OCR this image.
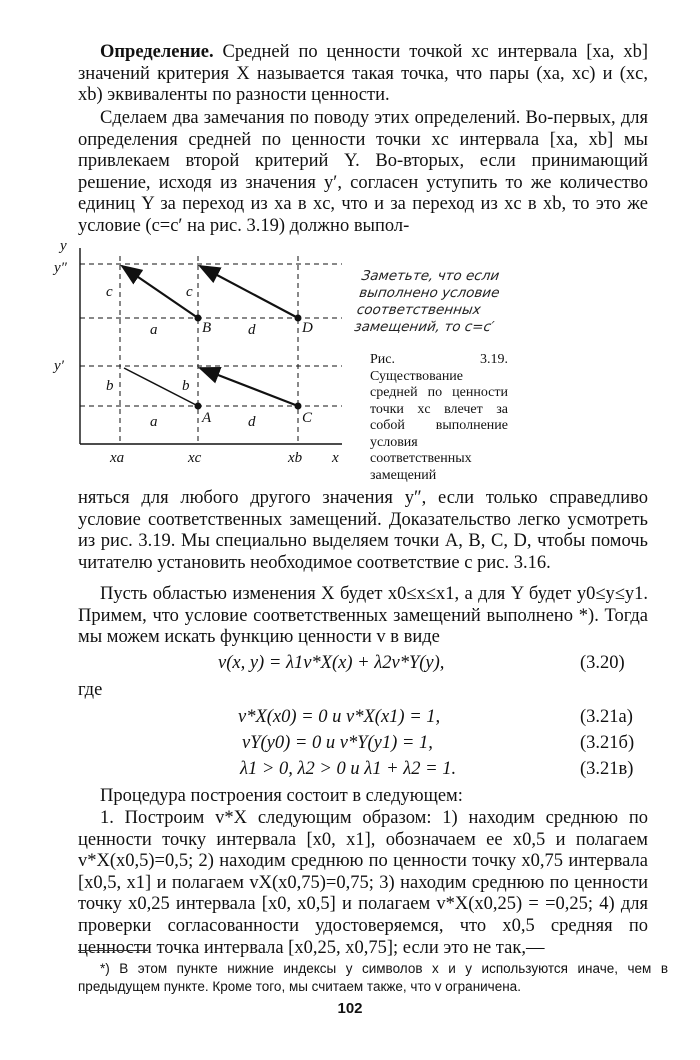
Определение. Средней по ценности точкой xc интервала [xa, xb] значений критерия X называется такая точка, что пары (xa, xc) и (xc, xb) эквиваленты по разности ценности.

Сделаем два замечания по поводу этих определений. Во-первых, для определения средней по ценности точки xc интервала [xa, xb] мы привлекаем второй критерий Y. Во-вторых, если принимающий решение, исходя из значения y′, согласен уступить то же количество единиц Y за переход из xa в xc, что и за переход из xc в xb, то это же условие (c=c′ на рис. 3.19) должно выпол-

y
x
y″
y′
c	c
a	d
B	D
b	b
a	d
A	C
xa	xc	xb
Заметьте, что если
выполнено условие
соответственных
замещений, то c=c′
Рис. 3.19. Существование средней по ценности точки xc влечет за собой выполнение условия соответственных замещений

няться для любого другого значения y″, если только справедливо условие соответственных замещений. Доказательство легко усмотреть из рис. 3.19. Мы специально выделяем точки A, B, C, D, чтобы помочь читателю установить необходимое соответствие с рис. 3.16.

Пусть областью изменения X будет x0≤x≤x1, а для Y будет y0≤y≤y1. Примем, что условие соответственных замещений выполнено *). Тогда мы можем искать функцию ценности v в виде

v(x, y) = λ1v*X(x) + λ2v*Y(y),	(3.20)
где
v*X(x0) = 0 и v*X(x1) = 1,	(3.21a)
vY(y0) = 0 и v*Y(y1) = 1,	(3.21б)
λ1 > 0, λ2 > 0 и λ1 + λ2 = 1.	(3.21в)

Процедура построения состоит в следующем:

1. Построим v*X следующим образом: 1) находим среднюю по ценности точку интервала [x0, x1], обозначаем ее x0,5 и полагаем v*X(x0,5)=0,5; 2) находим среднюю по ценности точку x0,75 интервала [x0,5, x1] и полагаем vX(x0,75)=0,75; 3) находим среднюю по ценности точку x0,25 интервала [x0, x0,5] и полагаем v*X(x0,25) = =0,25; 4) для проверки согласованности удостоверяемся, что x0,5 средняя по ценности точка интервала [x0,25, x0,75]; если это не так,—

*) В этом пункте нижние индексы у символов x и y используются иначе, чем в предыдущем пункте. Кроме того, мы считаем также, что v ограничена.
102
